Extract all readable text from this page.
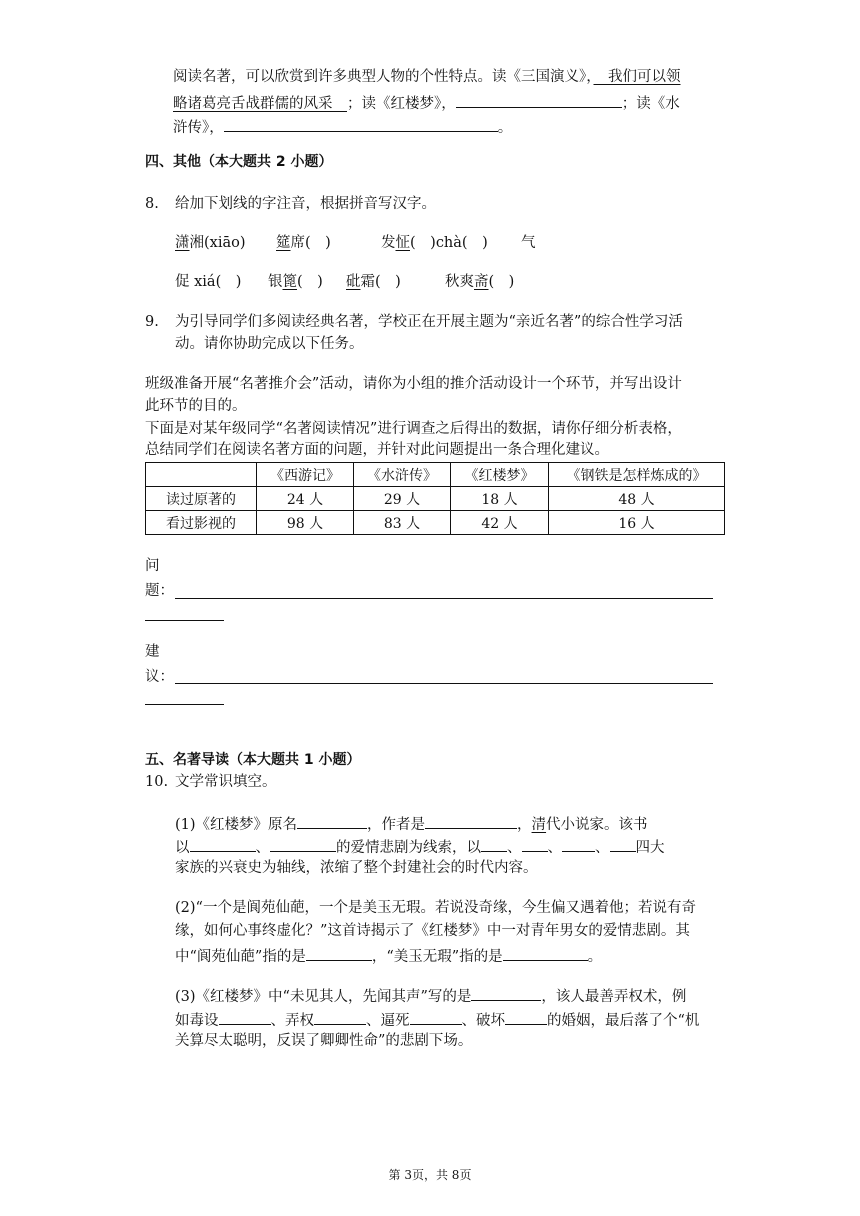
阅读名著，可以欣赏到许多典型人物的个性特点。读《三国演义》，　我们可以领
略诸葛亮舌战群儒的风采　；读《红楼梦》，	；读《水
浒传》，	。
四、其他（本大题共 2 小题）
8. 给加下划线的字注音，根据拼音写汉字。
潇湘(xiāo) 筵席(　)	发怔(　)chà(　) 气
促 xiá(　) 银篦(　) 砒霜(　)	秋爽斋(　)
9. 为引导同学们多阅读经典名著，学校正在开展主题为“亲近名著”的综合性学习活
动。请你协助完成以下任务。
班级准备开展“名著推介会”活动，请你为小组的推介活动设计一个环节，并写出设计
此环节的目的。
下面是对某年级同学“名著阅读情况”进行调查之后得出的数据，请你仔细分析表格，
总结同学们在阅读名著方面的问题，并针对此问题提出一条合理化建议。
	《西游记》	《水浒传》	《红楼梦》	《钢铁是怎样炼成的》
读过原著的	24 人	29 人	18 人	48 人
看过影视的	98 人	83 人	42 人	16 人
问
题：
建
议：
五、名著导读（本大题共 1 小题）
10. 文学常识填空。
(1)《红楼梦》原名	，作者是	，清代小说家。该书
以	、	的爱情悲剧为线索，以 、 、 、 四大
家族的兴衰史为轴线，浓缩了整个封建社会的时代内容。
(2)“一个是阆苑仙葩，一个是美玉无瑕。若说没奇缘，今生偏又遇着他；若说有奇
缘，如何心事终虚化？”这首诗揭示了《红楼梦》中一对青年男女的爱情悲剧。其
中“阆苑仙葩”指的是	，“美玉无瑕”指的是	。
(3)《红楼梦》中“未见其人，先闻其声”写的是	，该人最善弄权术，例
如毒设	、弄权	、逼死	、破坏	的婚姻，最后落了个“机
关算尽太聪明，反误了卿卿性命”的悲剧下场。
第 3页，共 8页
